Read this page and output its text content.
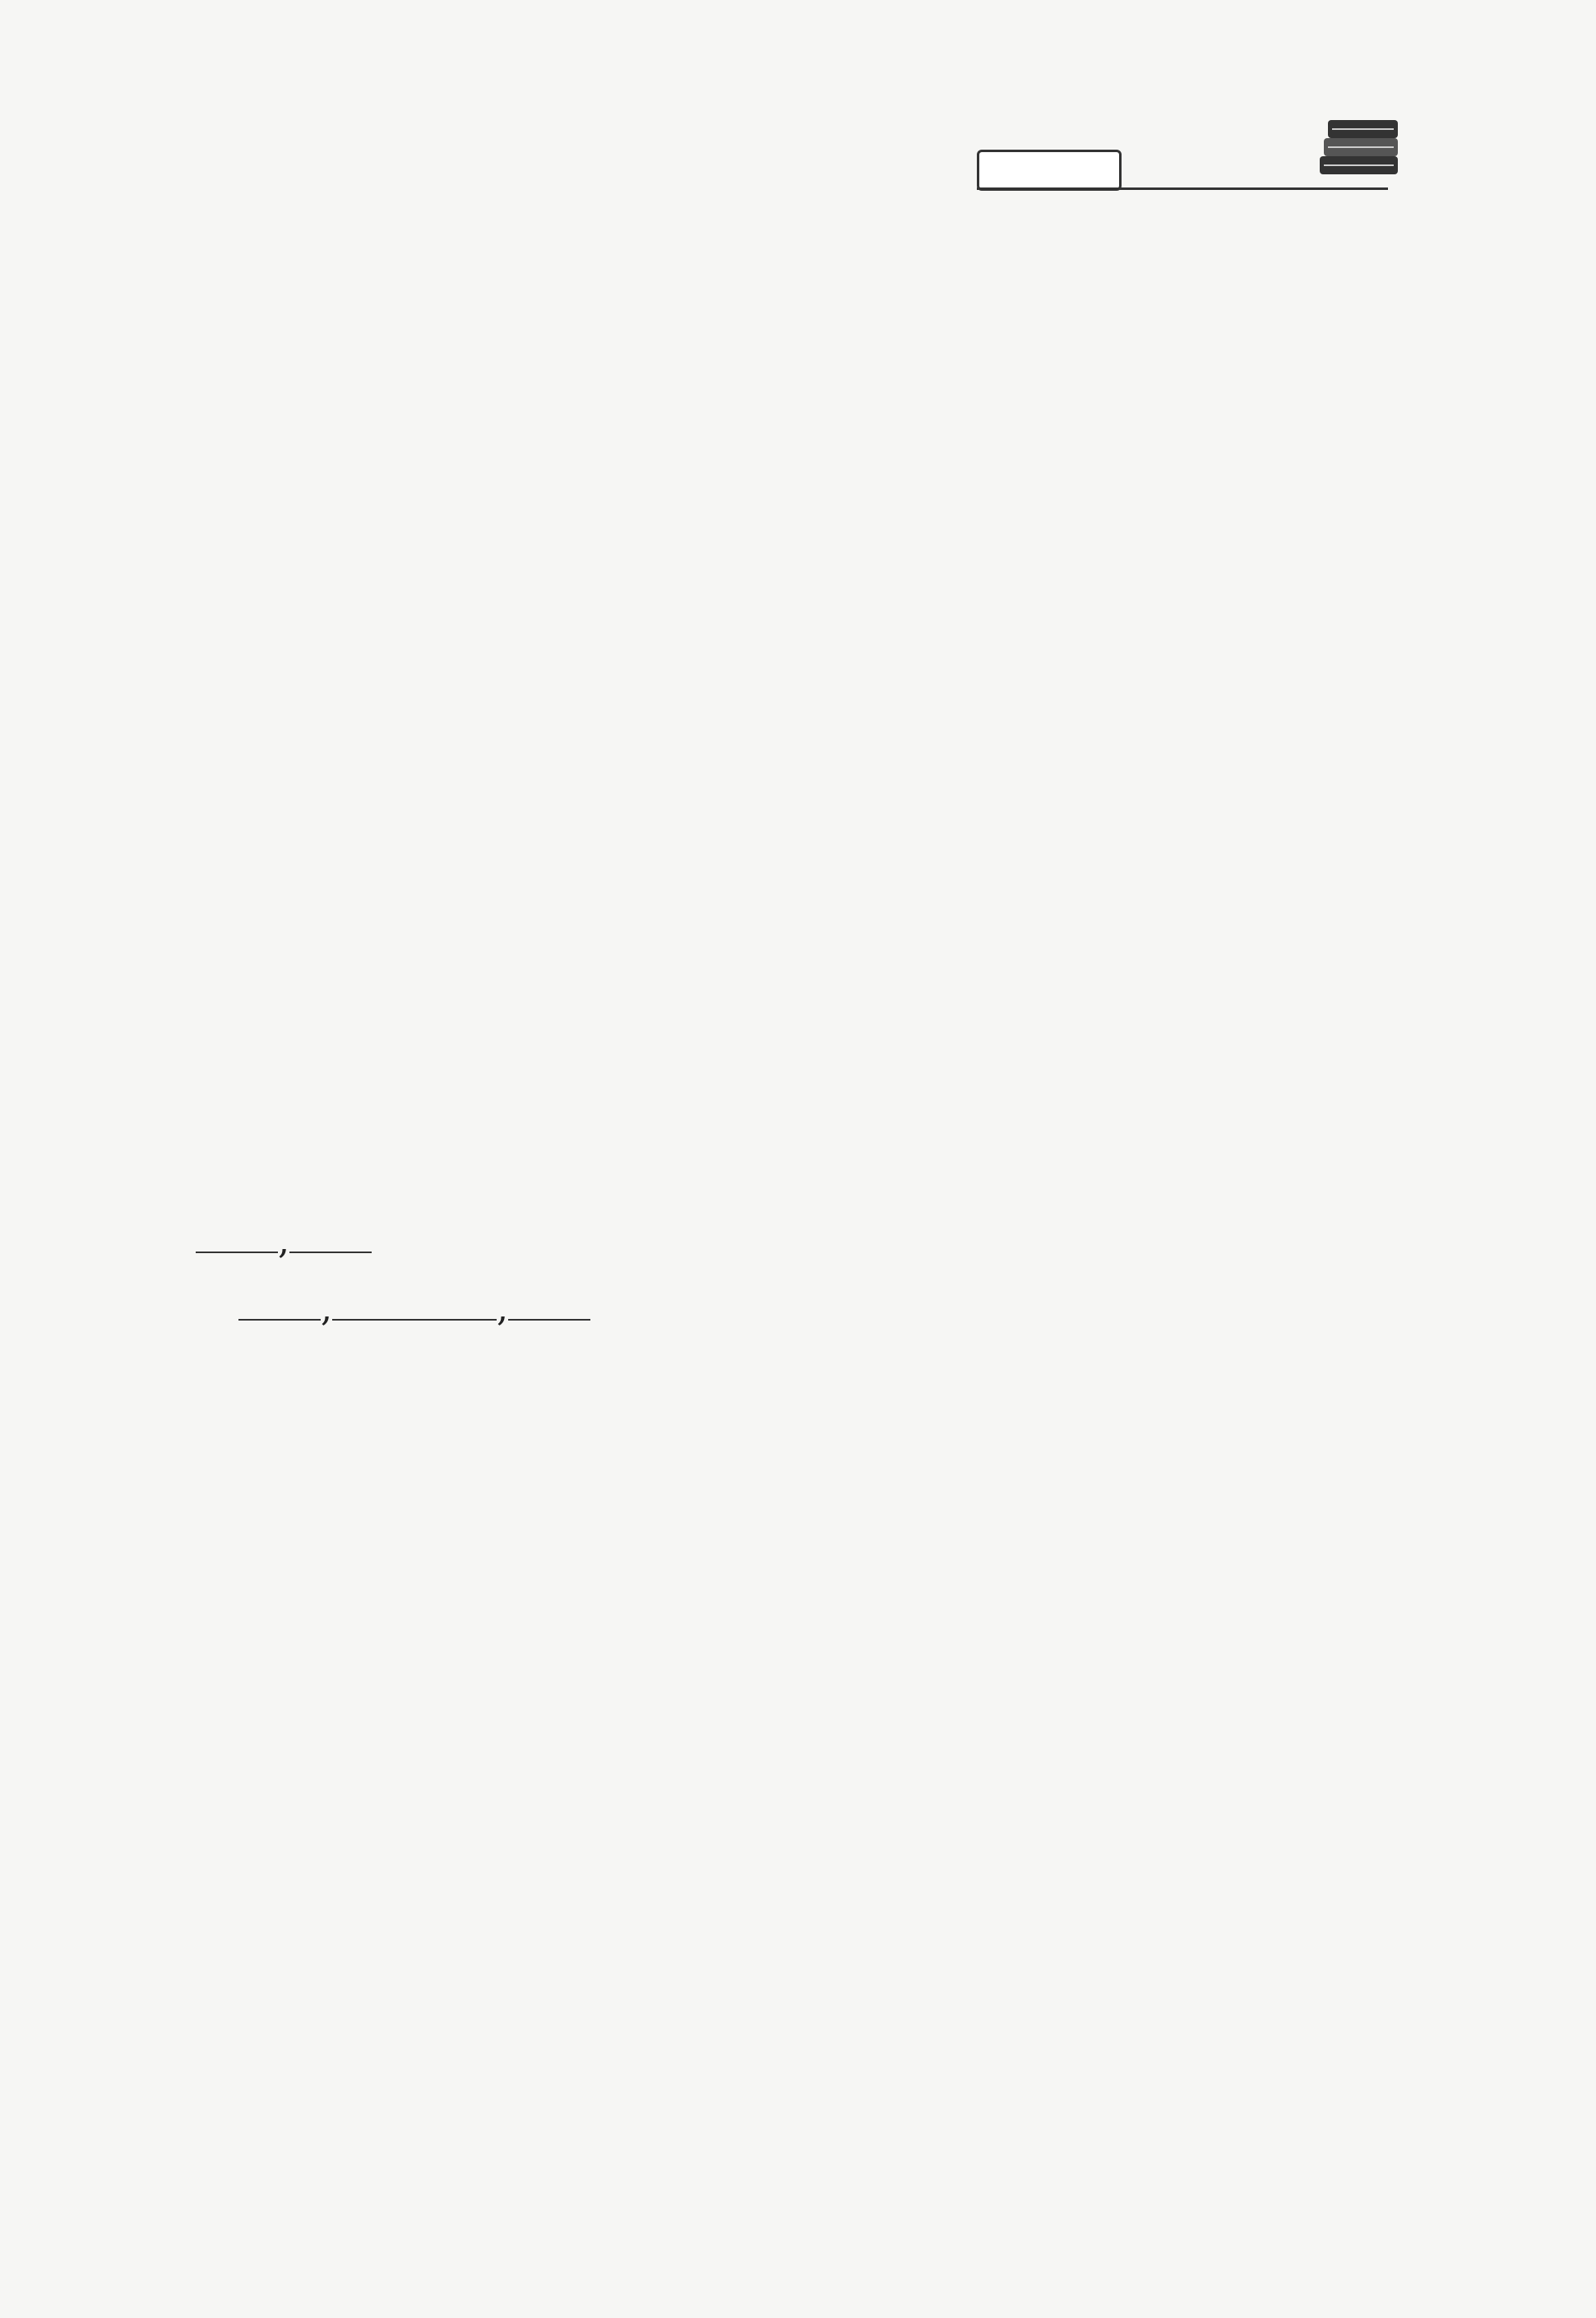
,
,	,
